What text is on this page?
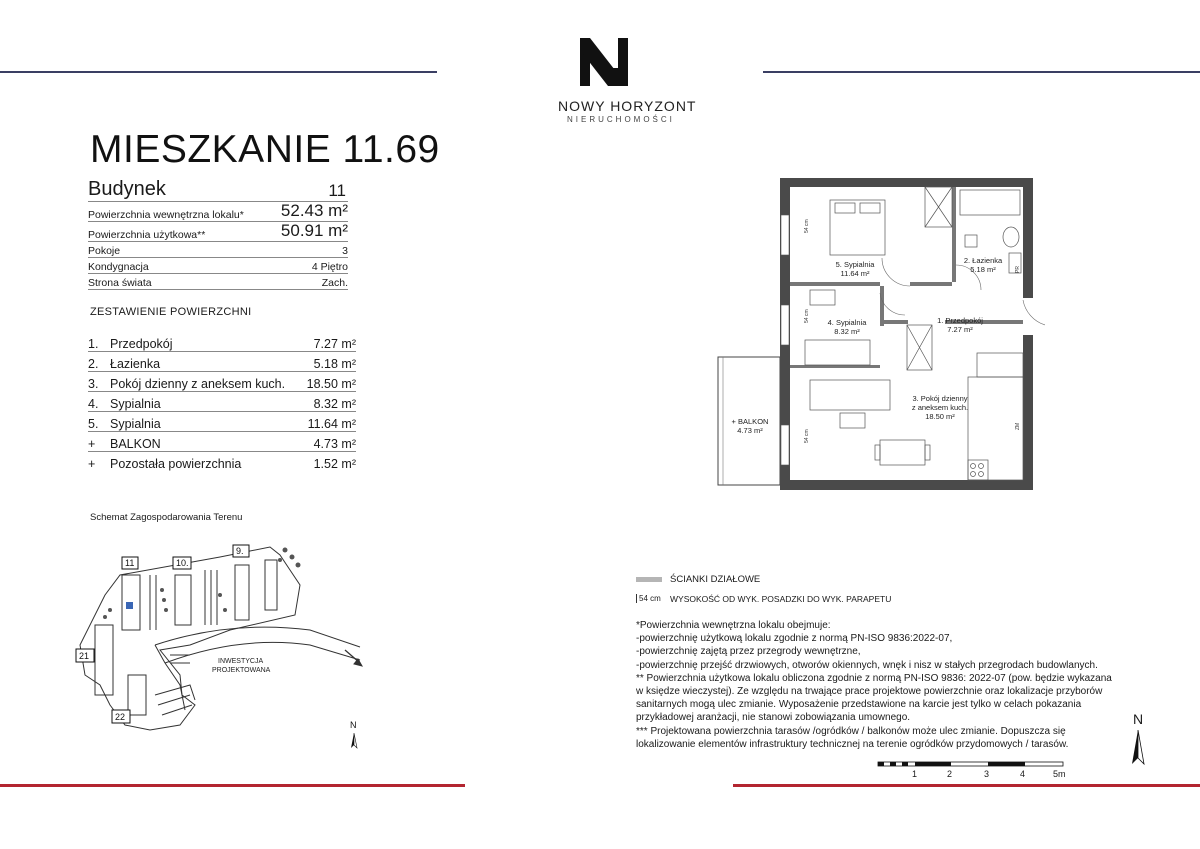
NOWY HORYZONT
NIERUCHOMOŚCI
MIESZKANIE 11.69
Budynek	11
Powierzchnia wewnętrzna lokalu* 52.43 m²
Powierzchnia użytkowa**	50.91 m²
Pokoje	3
Kondygnacja	4 Piętro
Strona świata	Zach.
ZESTAWIENIE POWIERZCHNI
1. Przedpokój	7.27 m²
2. Łazienka	5.18 m²
3. Pokój dzienny z aneksem kuch.	18.50 m²
4. Sypialnia	8.32 m²
5. Sypialnia	11.64 m²
+	BALKON	4.73 m²
+	Pozostała powierzchnia	1.52 m²
Schemat Zagospodarowania Terenu
11	10.
9.
21
22
INWESTYCJA
PROJEKTOWANA
N
5. Sypialnia
11.64 m²
2. Łazienka
5.18 m²
1. Przedpokój
7.27 m²
4. Sypialnia
8.32 m²
3. Pokój dzienny
z aneksem kuch.
18.50 m²
+ BALKON
4.73 m²
54 cm
54 cm
54 cm
PR
ZM
ŚCIANKI DZIAŁOWE
54 cm WYSOKOŚĆ OD WYK. POSADZKI DO WYK. PARAPETU
*Powierzchnia wewnętrzna lokalu obejmuje:
-powierzchnię użytkową lokalu zgodnie z normą PN-ISO 9836:2022-07,
-powierzchnię zajętą przez przegrody wewnętrzne,
-powierzchnię przejść drzwiowych, otworów okiennych, wnęk i nisz w stałych przegrodach budowlanych.
** Powierzchnia użytkowa lokalu obliczona zgodnie z normą PN-ISO 9836: 2022-07 (pow. będzie wykazana
w księdze wieczystej). Ze względu na trwające prace projektowe powierzchnie oraz lokalizacje przyborów
sanitarnych mogą ulec zmianie. Wyposażenie przedstawione na karcie jest tylko w celach pokazania
przykładowej aranżacji, nie stanowi zobowiązania umownego.
*** Projektowana powierzchnia tarasów /ogródków / balkonów może ulec zmianie. Dopuszcza się
lokalizowanie elementów infrastruktury technicznej na terenie ogródków przydomowych / tarasów.
N
1	2	3	4	5m
